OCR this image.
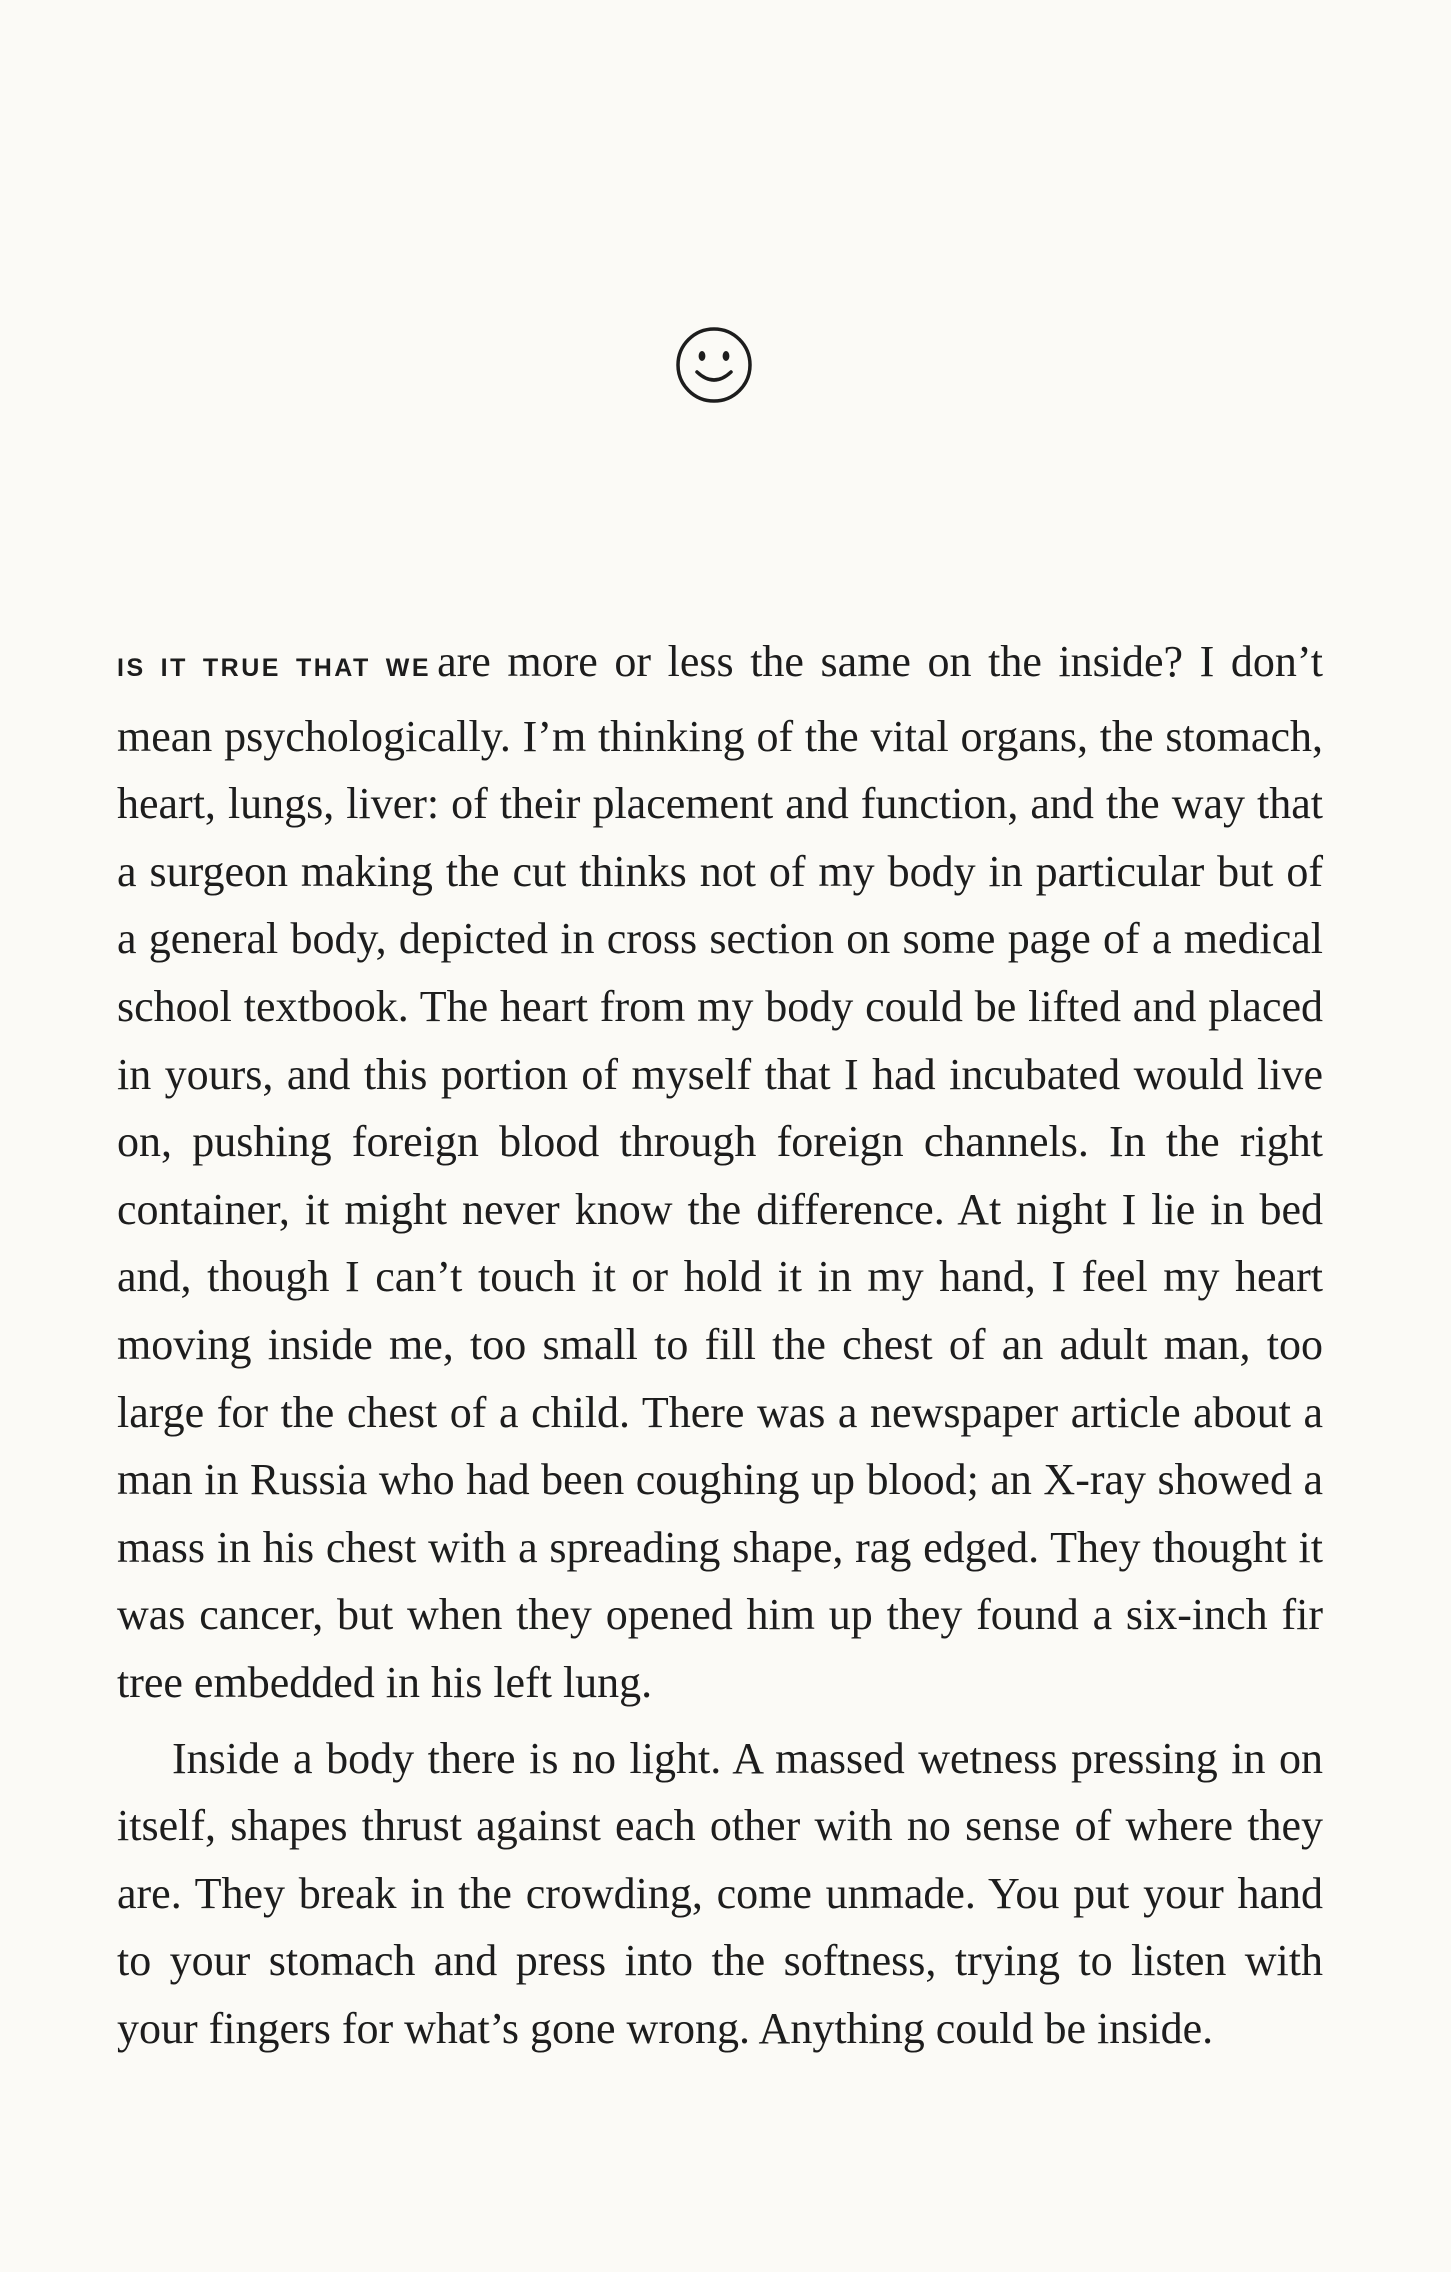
IS IT TRUE THAT WE are more or less the same on the inside? I don’t mean psychologically. I’m thinking of the vital organs, the stomach, heart, lungs, liver: of their placement and function, and the way that a surgeon making the cut thinks not of my body in particular but of a general body, depicted in cross section on some page of a medical school textbook. The heart from my body could be lifted and placed in yours, and this portion of myself that I had incubated would live on, pushing foreign blood through foreign channels. In the right container, it might never know the difference. At night I lie in bed and, though I can’t touch it or hold it in my hand, I feel my heart moving inside me, too small to fill the chest of an adult man, too large for the chest of a child. There was a newspaper article about a man in Russia who had been coughing up blood; an X-ray showed a mass in his chest with a spreading shape, rag edged. They thought it was cancer, but when they opened him up they found a six-inch fir tree embedded in his left lung.

Inside a body there is no light. A massed wetness pressing in on itself, shapes thrust against each other with no sense of where they are. They break in the crowding, come unmade. You put your hand to your stomach and press into the softness, trying to listen with your fingers for what’s gone wrong. Anything could be inside.
